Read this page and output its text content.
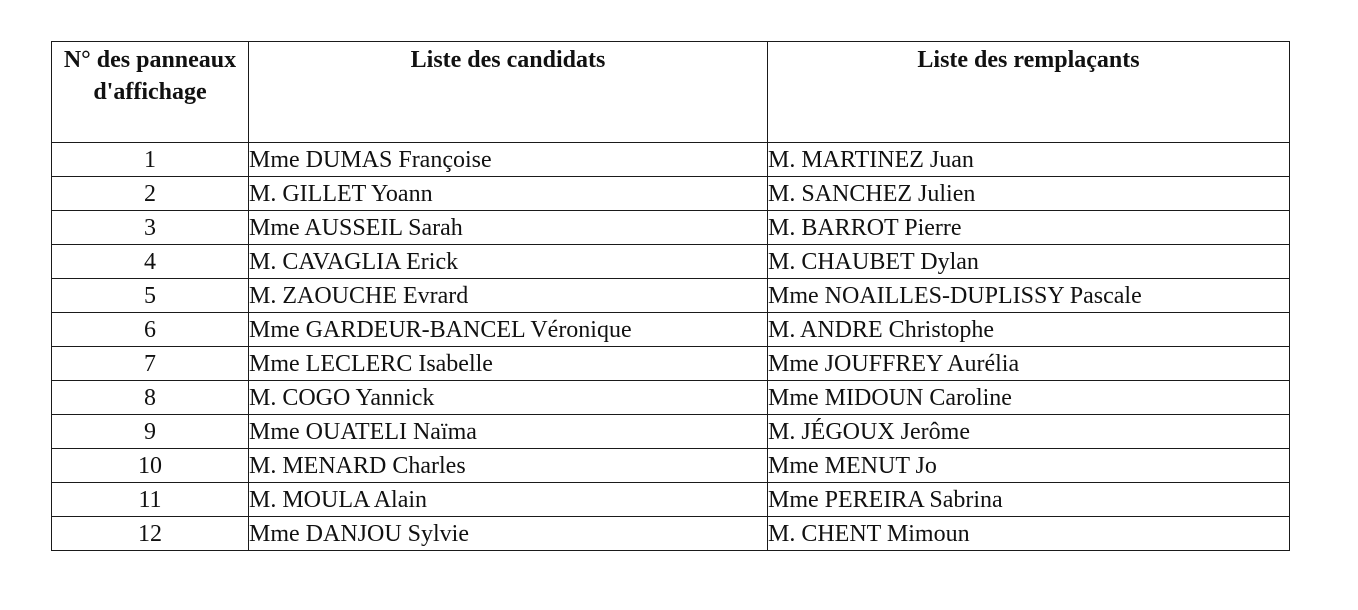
N° des panneaux d'affichage	Liste des candidats	Liste des remplaçants
1	Mme DUMAS Françoise	M. MARTINEZ Juan
2	M. GILLET Yoann	M. SANCHEZ Julien
3	Mme AUSSEIL Sarah	M. BARROT Pierre
4	M. CAVAGLIA Erick	M. CHAUBET Dylan
5	M. ZAOUCHE Evrard	Mme NOAILLES-DUPLISSY Pascale
6	Mme GARDEUR-BANCEL Véronique	M. ANDRE Christophe
7	Mme LECLERC Isabelle	Mme JOUFFREY Aurélia
8	M. COGO Yannick	Mme MIDOUN Caroline
9	Mme OUATELI Naïma	M. JÉGOUX Jerôme
10	M. MENARD Charles	Mme MENUT Jo
11	M. MOULA Alain	Mme PEREIRA Sabrina
12	Mme DANJOU Sylvie	M. CHENT Mimoun
